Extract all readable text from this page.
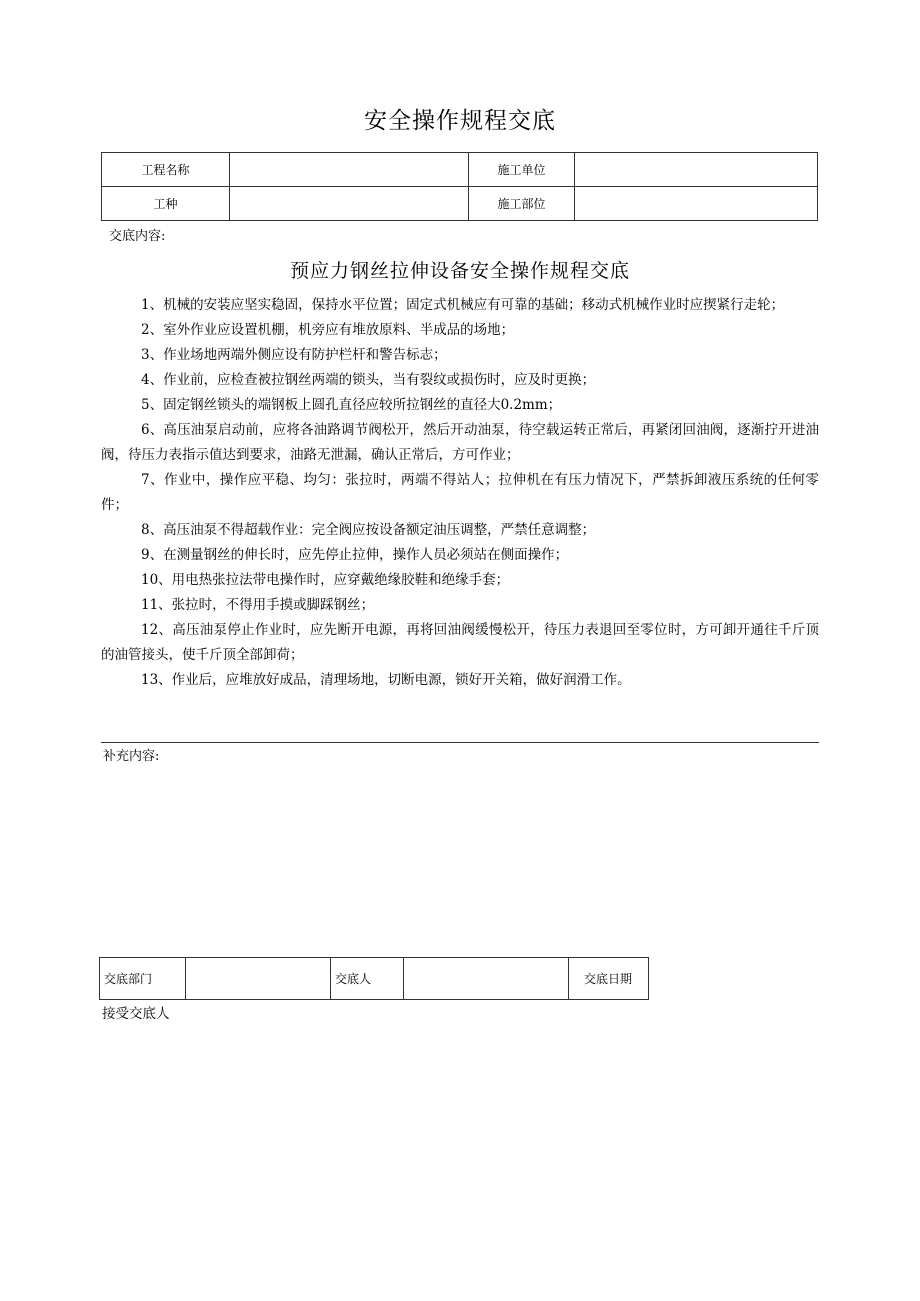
安全操作规程交底
工程名称		施工单位	
工种		施工部位	
交底内容:
预应力钢丝拉伸设备安全操作规程交底

1、机械的安装应坚实稳固，保持水平位置；固定式机械应有可靠的基础；移动式机械作业时应揳紧行走轮；

2、室外作业应设置机棚，机旁应有堆放原料、半成品的场地；

3、作业场地两端外侧应设有防护栏杆和警告标志；

4、作业前，应检查被拉钢丝两端的锁头，当有裂纹或损伤时，应及时更换；

5、固定钢丝锁头的端钢板上圆孔直径应较所拉钢丝的直径大0.2mm；

6、高压油泵启动前，应将各油路调节阀松开，然后开动油泵，待空载运转正常后，再紧闭回油阀，逐渐拧开进油阀，待压力表指示值达到要求，油路无泄漏，确认正常后，方可作业；

7、作业中，操作应平稳、均匀：张拉时，两端不得站人；拉伸机在有压力情况下，严禁拆卸液压系统的任何零件；

8、高压油泵不得超载作业：完全阀应按设备额定油压调整，严禁任意调整；

9、在测量钢丝的伸长时，应先停止拉伸，操作人员必须站在侧面操作；

10、用电热张拉法带电操作时，应穿戴绝缘胶鞋和绝缘手套；

11、张拉时，不得用手摸或脚踩钢丝；

12、高压油泵停止作业时，应先断开电源，再将回油阀缓慢松开，待压力表退回至零位时，方可卸开通往千斤顶的油管接头，使千斤顶全部卸荷；

13、作业后，应堆放好成品，清理场地，切断电源，锁好开关箱，做好润滑工作。

补充内容:
交底部门		交底人		交底日期
接受交底人
